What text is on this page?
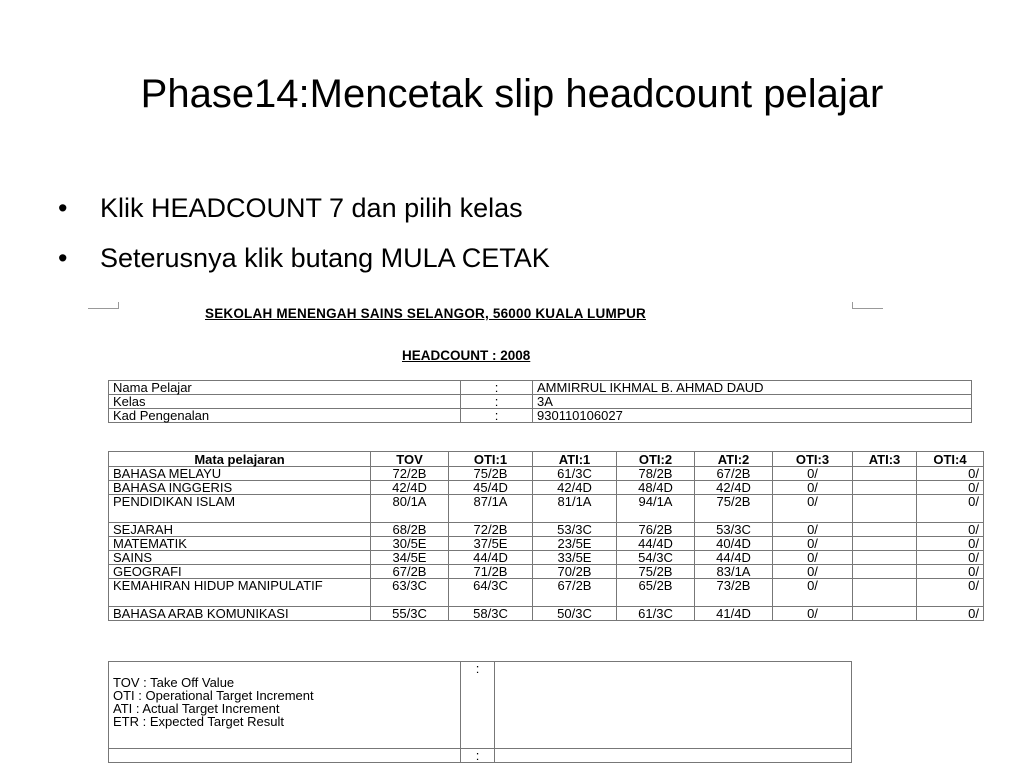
Phase14:Mencetak slip headcount pelajar
• Klik HEADCOUNT 7 dan pilih kelas
• Seterusnya klik butang MULA CETAK
SEKOLAH MENENGAH SAINS SELANGOR, 56000 KUALA LUMPUR
HEADCOUNT : 2008
Nama Pelajar	:	AMMIRRUL IKHMAL B. AHMAD DAUD
Kelas	:	3A
Kad Pengenalan	:	930110106027
Mata pelajaran	TOV	OTI:1	ATI:1	OTI:2	ATI:2	OTI:3	ATI:3	OTI:4
BAHASA MELAYU	72/2B	75/2B	61/3C	78/2B	67/2B	0/		0/
BAHASA INGGERIS	42/4D	45/4D	42/4D	48/4D	42/4D	0/		0/
PENDIDIKAN ISLAM	80/1A	87/1A	81/1A	94/1A	75/2B	0/		0/
SEJARAH	68/2B	72/2B	53/3C	76/2B	53/3C	0/		0/
MATEMATIK	30/5E	37/5E	23/5E	44/4D	40/4D	0/		0/
SAINS	34/5E	44/4D	33/5E	54/3C	44/4D	0/		0/
GEOGRAFI	67/2B	71/2B	70/2B	75/2B	83/1A	0/		0/
KEMAHIRAN HIDUP MANIPULATIF	63/3C	64/3C	67/2B	65/2B	73/2B	0/		0/
BAHASA ARAB KOMUNIKASI	55/3C	58/3C	50/3C	61/3C	41/4D	0/		0/
TOV : Take Off Value
OTI : Operational Target Increment
ATI : Actual Target Increment
ETR : Expected Target Result	:	
	:	
